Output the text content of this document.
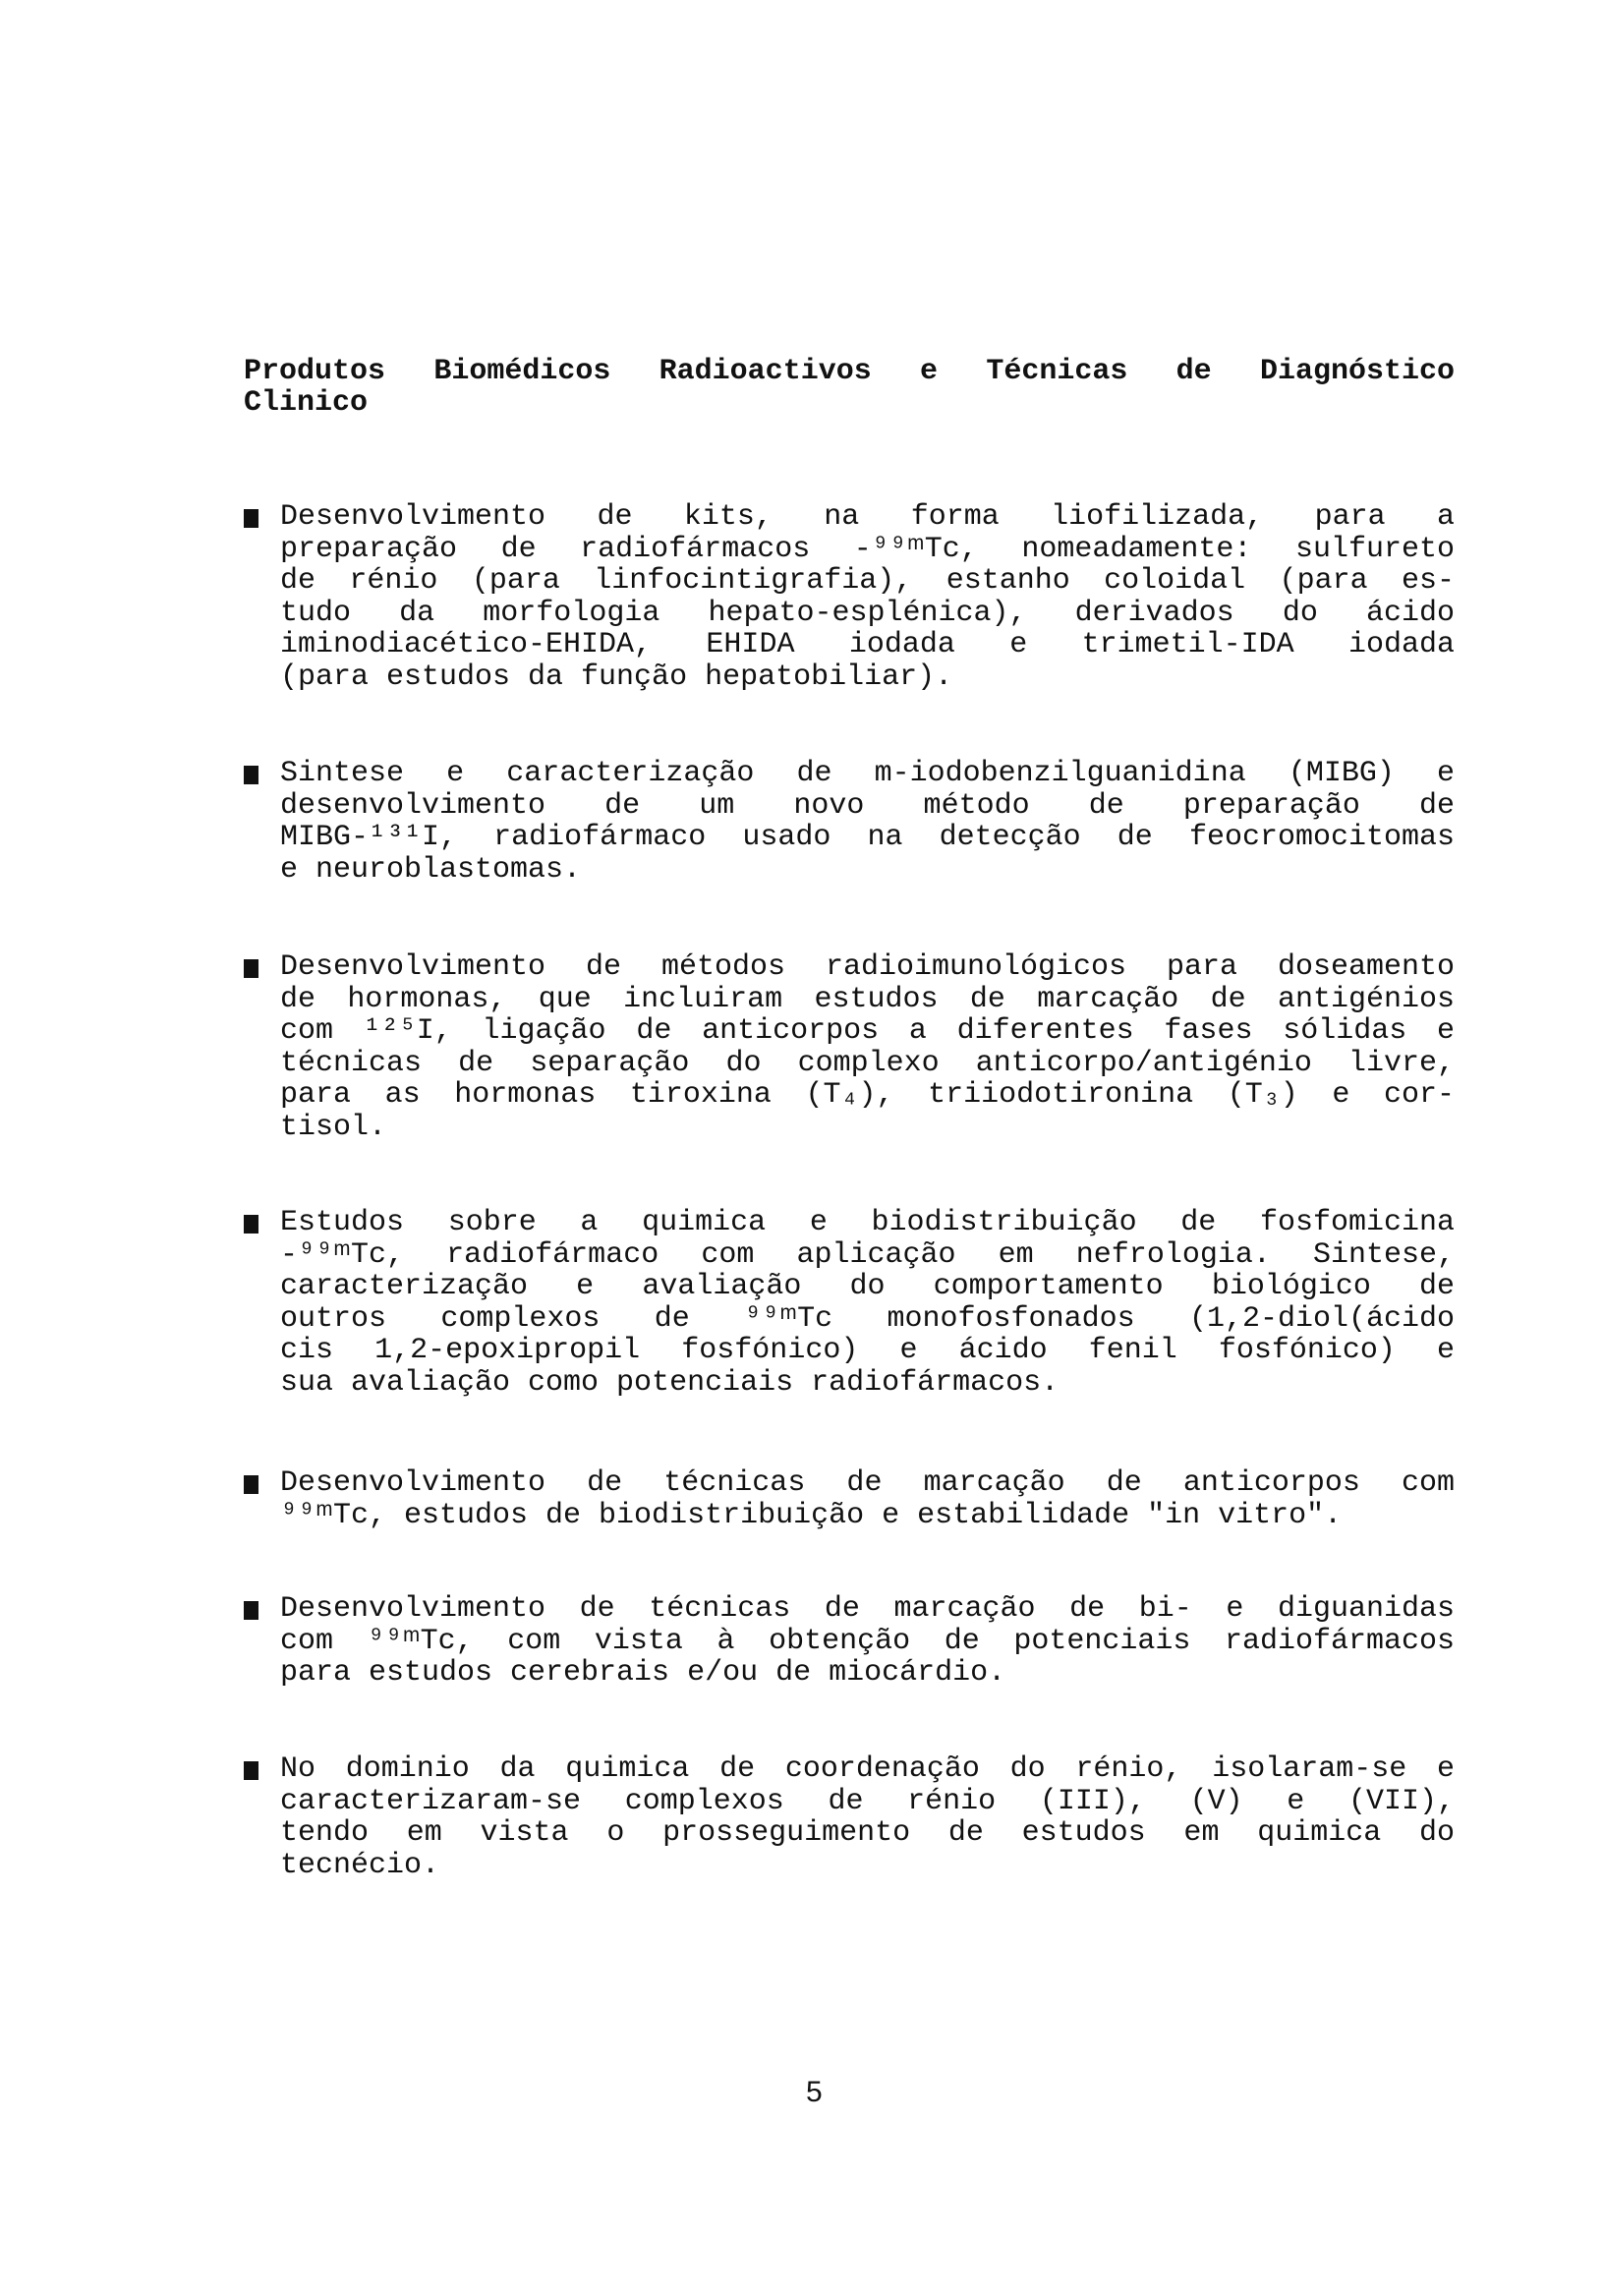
Produtos Biomédicos Radioactivos e Técnicas de Diagnóstico
Clinico
Desenvolvimento de kits, na forma liofilizada, para a
preparação de radiofármacos -⁹⁹ᵐTc, nomeadamente: sulfureto
de rénio (para linfocintigrafia), estanho coloidal (para es-
tudo da morfologia hepato-esplénica), derivados do ácido
iminodiacético-EHIDA, EHIDA iodada e trimetil-IDA iodada
(para estudos da função hepatobiliar).
Sintese e caracterização de m-iodobenzilguanidina (MIBG) e
desenvolvimento de um novo método de preparação de
MIBG-¹³¹I, radiofármaco usado na detecção de feocromocitomas
e neuroblastomas.
Desenvolvimento de métodos radioimunológicos para doseamento
de hormonas, que incluiram estudos de marcação de antigénios
com ¹²⁵I, ligação de anticorpos a diferentes fases sólidas e
técnicas de separação do complexo anticorpo/antigénio livre,
para as hormonas tiroxina (T₄), triiodotironina (T₃) e cor-
tisol.
Estudos sobre a quimica e biodistribuição de fosfomicina
-⁹⁹ᵐTc, radiofármaco com aplicação em nefrologia. Sintese,
caracterização e avaliação do comportamento biológico de
outros complexos de ⁹⁹ᵐTc monofosfonados (1,2-diol(ácido
cis 1,2-epoxipropil fosfónico) e ácido fenil fosfónico) e
sua avaliação como potenciais radiofármacos.
Desenvolvimento de técnicas de marcação de anticorpos com
⁹⁹ᵐTc, estudos de biodistribuição e estabilidade "in vitro".
Desenvolvimento de técnicas de marcação de bi- e diguanidas
com ⁹⁹ᵐTc, com vista à obtenção de potenciais radiofármacos
para estudos cerebrais e/ou de miocárdio.
No dominio da quimica de coordenação do rénio, isolaram-se e
caracterizaram-se complexos de rénio (III), (V) e (VII),
tendo em vista o prosseguimento de estudos em quimica do
tecnécio.
5
